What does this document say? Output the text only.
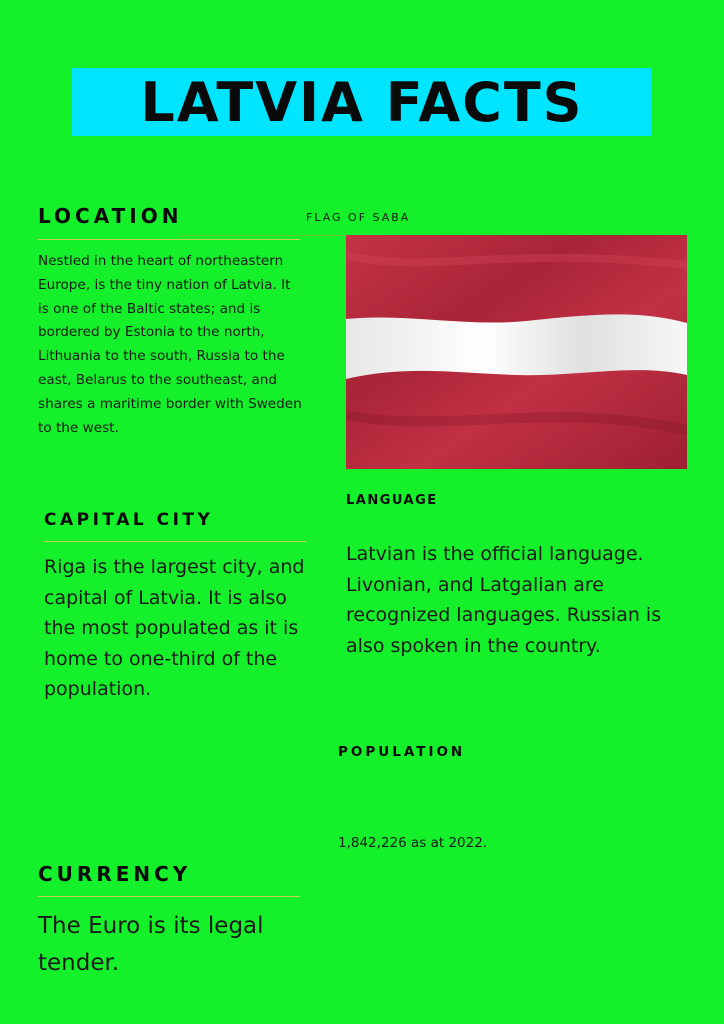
LATVIA FACTS
LOCATION
Nestled in the heart of northeastern Europe, is the tiny nation of Latvia. It is one of the Baltic states; and is bordered by Estonia to the north, Lithuania to the south, Russia to the east, Belarus to the southeast, and shares a maritime border with Sweden to the west.
FLAG OF SABA
CAPITAL CITY
Riga is the largest city, and capital of Latvia. It is also the most populated as it is home to one-third of the population.
LANGUAGE
Latvian is the official language. Livonian, and Latgalian are recognized languages. Russian is also spoken in the country.
POPULATION
1,842,226 as at 2022.
CURRENCY
The Euro is its legal tender.
